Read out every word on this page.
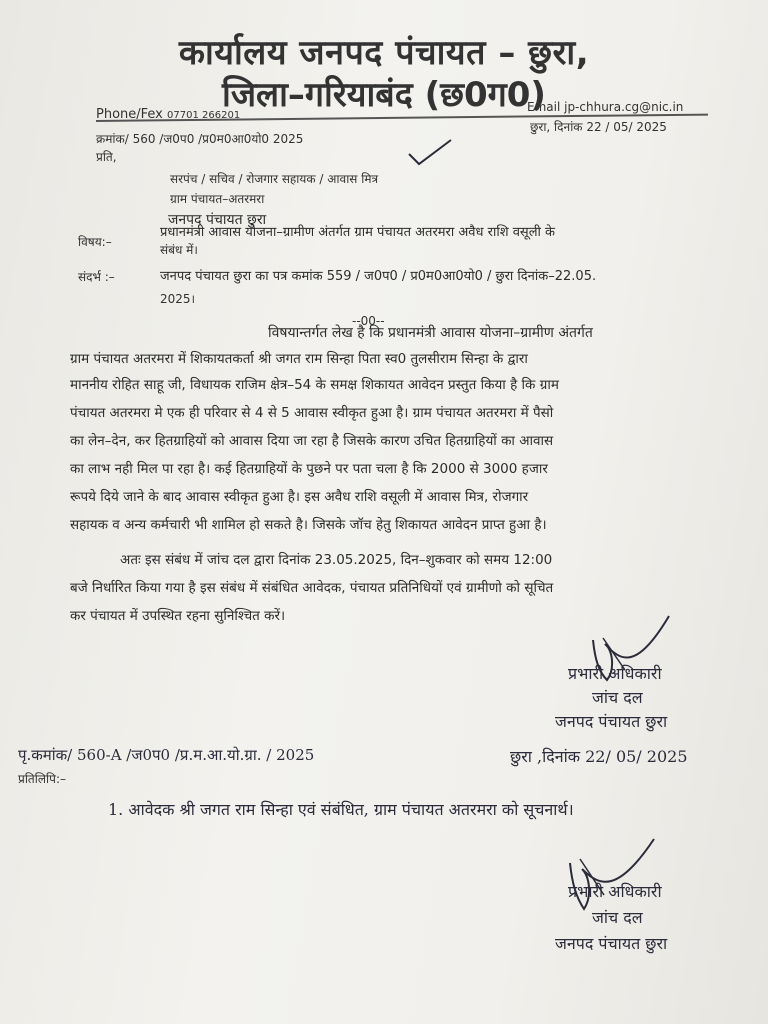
कार्यालय जनपद पंचायत – छुरा,
जिला–गरियाबंद (छ0ग0)
Phone/Fex 07701 266201
Email jp-chhura.cg@nic.in
क्रमांक/ 560 /ज0प0 /प्र0म0आ0यो0 2025
छुरा, दिनांक 22 / 05/ 2025
प्रति,
सरपंच / सचिव / रोजगार सहायक / आवास मित्र
ग्राम पंचायत–अतरमरा
जनपद पंचायत छुरा
विषय:–
प्रधानमंत्री आवास योजना–ग्रामीण अंतर्गत ग्राम पंचायत अतरमरा अवैध राशि वसूली के
संबंध में।
संदर्भ :–	जनपद पंचायत छुरा का पत्र कमांक 559 / ज0प0 / प्र0म0आ0यो0 / छुरा दिनांक–22.05.
2025।
--00--
विषयान्तर्गत लेख है कि प्रधानमंत्री आवास योजना–ग्रामीण अंतर्गत
ग्राम पंचायत अतरमरा में शिकायतकर्ता श्री जगत राम सिन्हा पिता स्व0 तुलसीराम सिन्हा के द्वारा
माननीय रोहित साहू जी, विधायक राजिम क्षेत्र–54 के समक्ष शिकायत आवेदन प्रस्तुत किया है कि ग्राम
पंचायत अतरमरा मे एक ही परिवार से 4 से 5 आवास स्वीकृत हुआ है। ग्राम पंचायत अतरमरा में पैसो
का लेन–देन, कर हितग्राहियों को आवास दिया जा रहा है जिसके कारण उचित हितग्राहियों का आवास
का लाभ नही मिल पा रहा है। कई हितग्राहियों के पुछने पर पता चला है कि 2000 से 3000 हजार
रूपये दिये जाने के बाद आवास स्वीकृत हुआ है। इस अवैध राशि वसूली में आवास मित्र, रोजगार
सहायक व अन्य कर्मचारी भी शामिल हो सकते है। जिसके जॉच हेतु शिकायत आवेदन प्राप्त हुआ है।
अतः इस संबंध में जांच दल द्वारा दिनांक 23.05.2025, दिन–शुकवार को समय 12:00
बजे निर्धारित किया गया है इस संबंध में संबंधित आवेदक, पंचायत प्रतिनिधियों एवं ग्रामीणो को सूचित
कर पंचायत में उपस्थित रहना सुनिश्चित करें।
प्रभारी अधिकारी
जांच दल
जनपद पंचायत छुरा
पृ.कमांक/ 560-A /ज0प0 /प्र.म.आ.यो.ग्रा. / 2025	छुरा ,दिनांक 22/ 05/ 2025
प्रतिलिपि:–
1. आवेदक श्री जगत राम सिन्हा एवं संबंधित, ग्राम पंचायत अतरमरा को सूचनार्थ।
प्रभारी अधिकारी
जांच दल
जनपद पंचायत छुरा
